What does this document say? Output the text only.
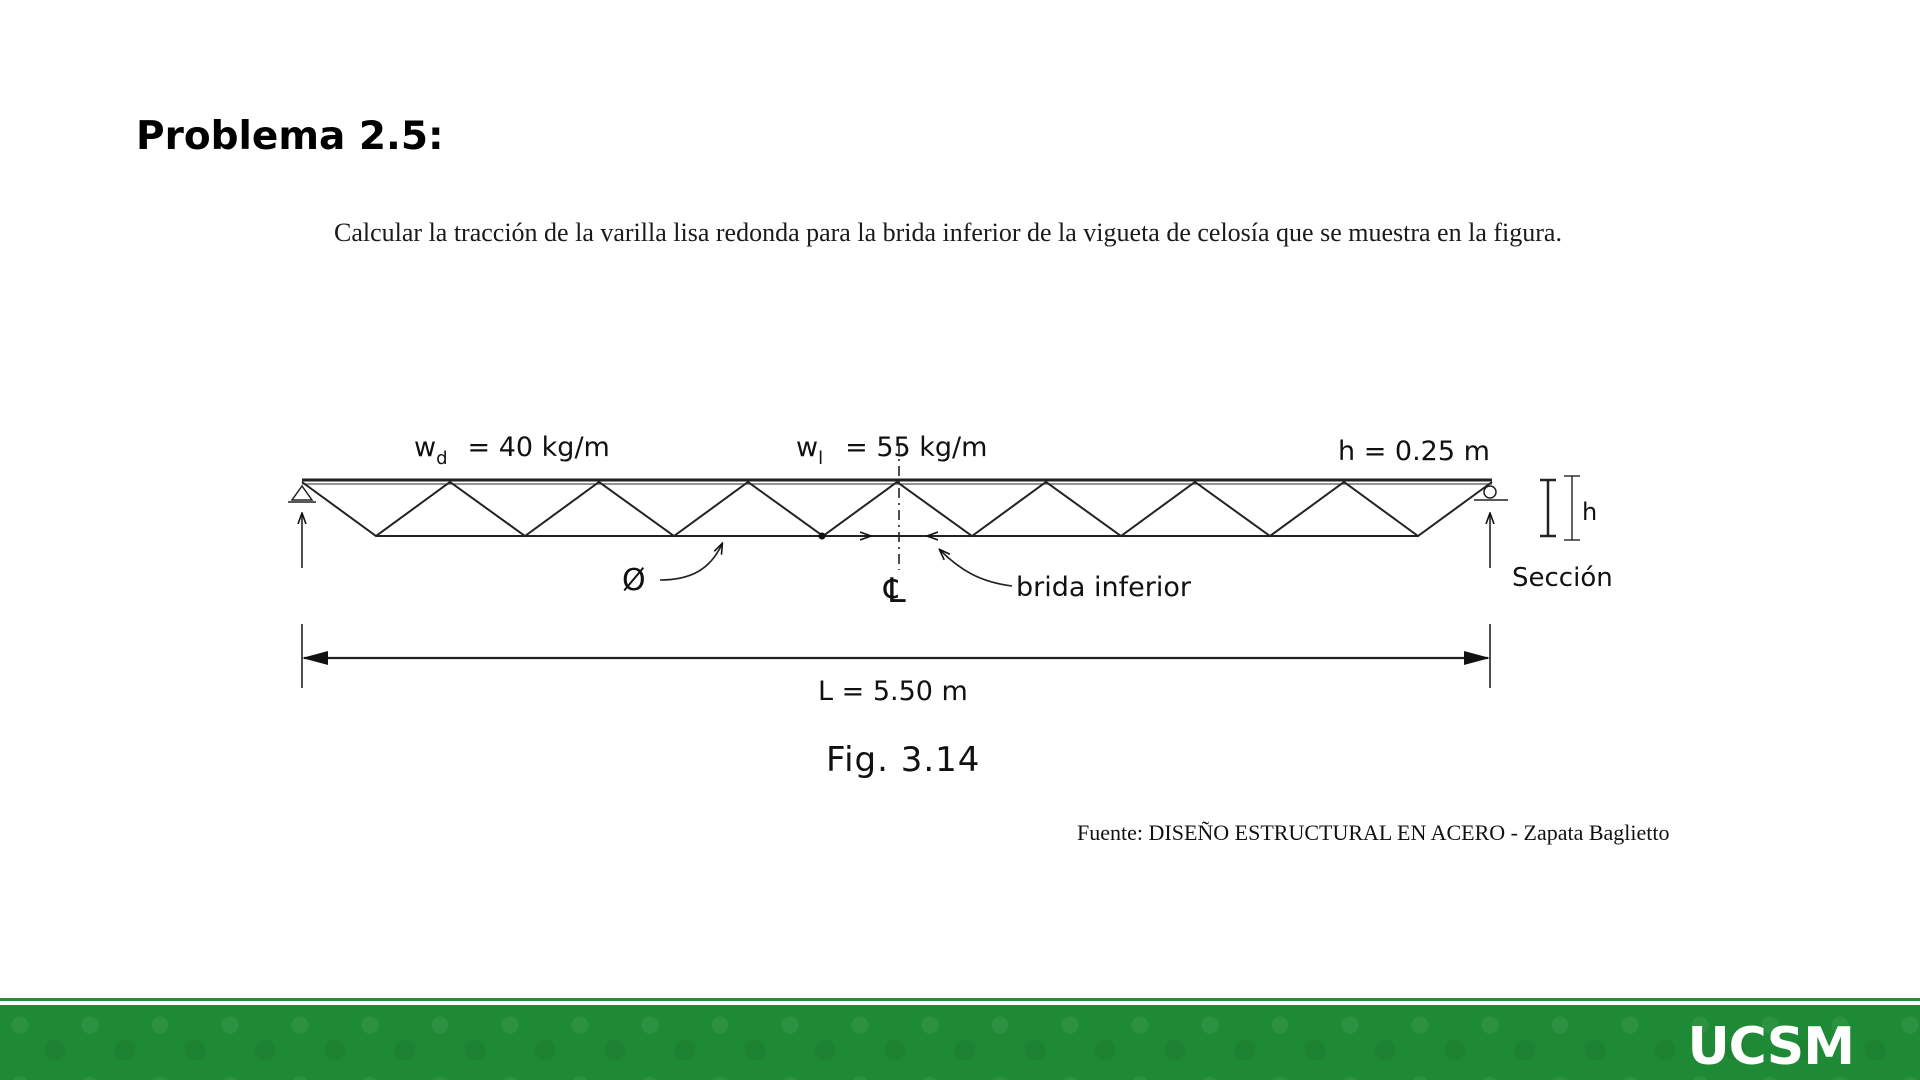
Problema 2.5:

Calcular la tracción de la varilla lisa redonda para la brida inferior de la vigueta de celosía que se muestra en la figura.

$w_d = 40$ kg/m	$w_l = 55$ kg/m	h = 0.25 m
h
Sección
Ø	℄	brida inferior
L = 5.50 m
Fig. 3.14
Fuente: DISEÑO ESTRUCTURAL EN ACERO - Zapata Baglietto
UCSM
